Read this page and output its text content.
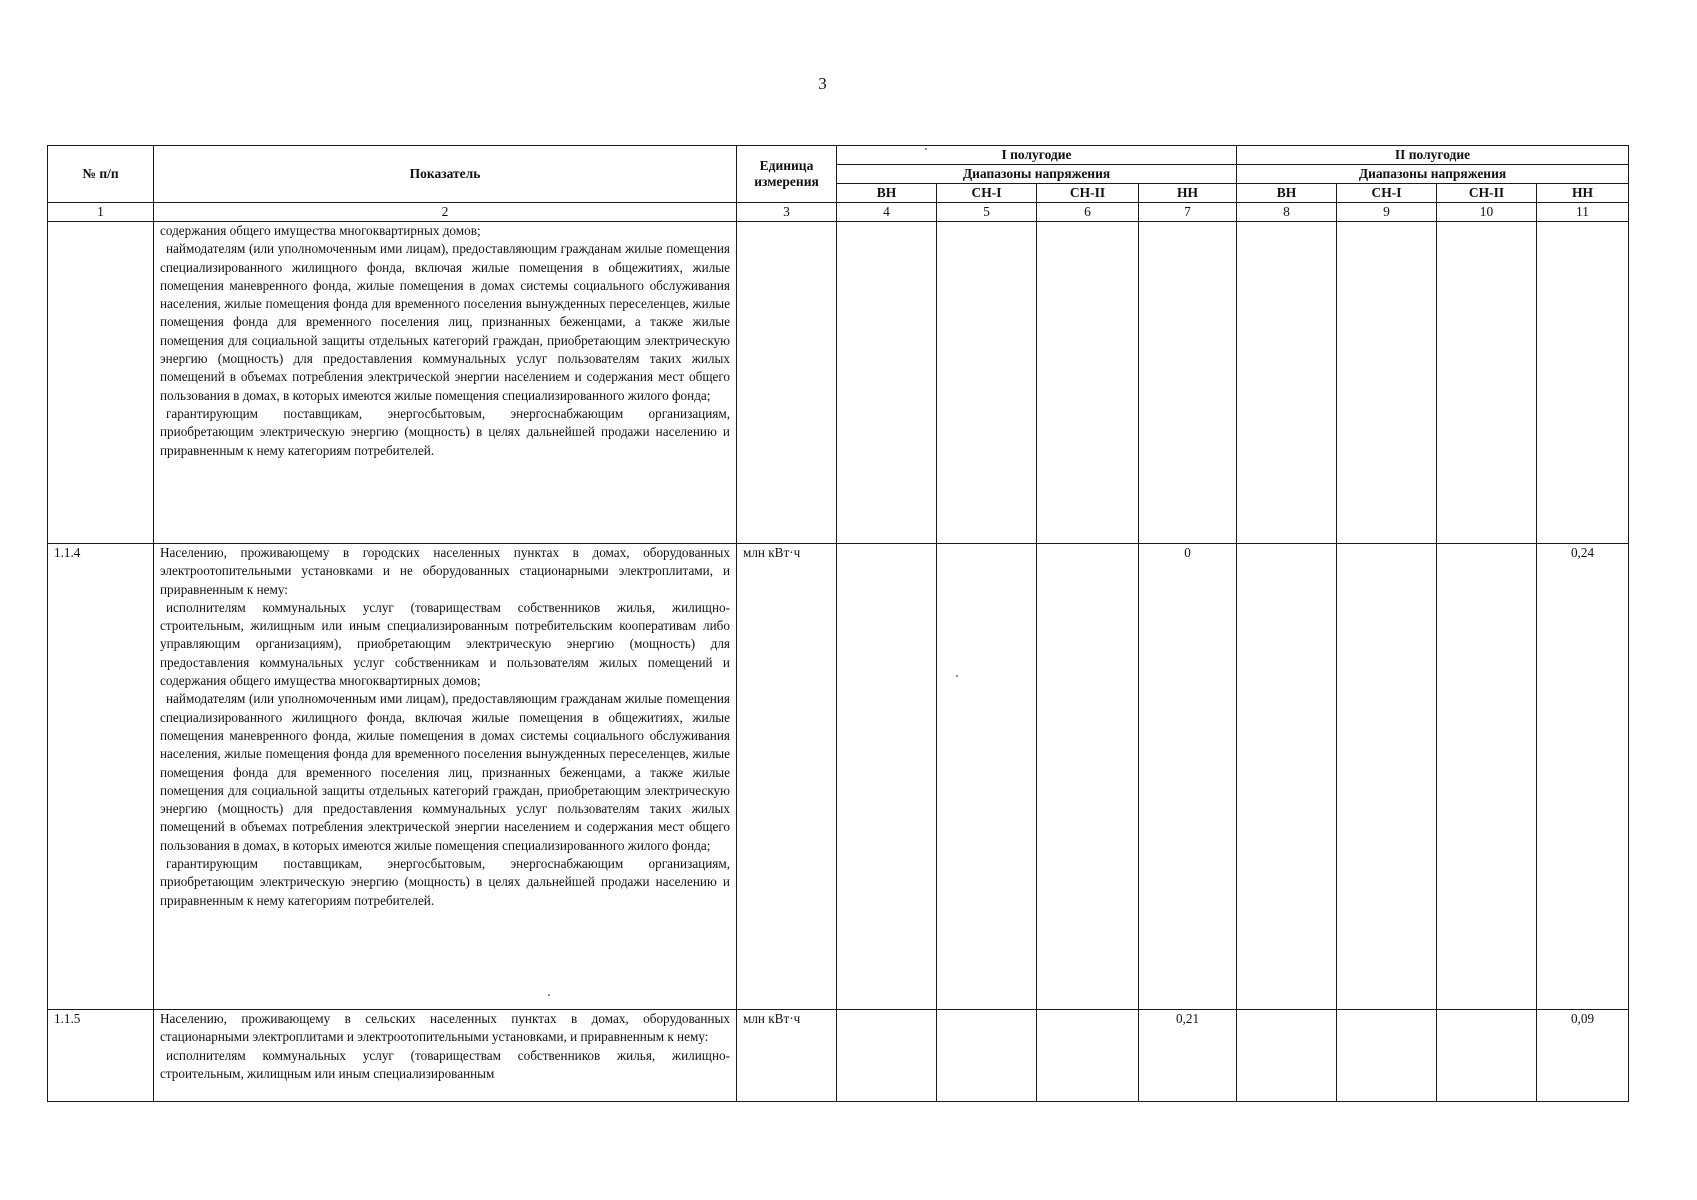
3
№ п/п	Показатель	Единица измерения	I полугодие				II полугодие			
			Диапазоны напряжения				Диапазоны напряжения			
			ВН	СН-I	СН-II	НН	ВН	СН-I	СН-II	НН
1	2	3	4	5	6	7	8	9	10	11

	содержания общего имущества многоквартирных домов;

наймодателям (или уполномоченным ими лицам), предоставляющим гражданам жилые помещения специализированного жилищного фонда, включая жилые помещения в общежитиях, жилые помещения маневренного фонда, жилые помещения в домах системы социального обслуживания населения, жилые помещения фонда для временного поселения вынужденных переселенцев, жилые помещения фонда для временного поселения лиц, признанных беженцами, а также жилые помещения для социальной защиты отдельных категорий граждан, приобретающим электрическую энергию (мощность) для предоставления коммунальных услуг пользователям таких жилых помещений в объемах потребления электрической энергии населением и содержания мест общего пользования в домах, в которых имеются жилые помещения специализированного жилого фонда;

гарантирующим поставщикам, энергосбытовым, энергоснабжающим организациям, приобретающим электрическую энергию (мощность) в целях дальнейшей продажи населению и приравненным к нему категориям потребителей.									

1.1.4	Населению, проживающему в городских населенных пунктах в домах, оборудованных электроотопительными установками и не оборудованных стационарными электроплитами, и приравненным к нему:

исполнителям коммунальных услуг (товариществам собственников жилья, жилищно-строительным, жилищным или иным специализированным потребительским кооперативам либо управляющим организациям), приобретающим электрическую энергию (мощность) для предоставления коммунальных услуг собственникам и пользователям жилых помещений и содержания общего имущества многоквартирных домов;

наймодателям (или уполномоченным ими лицам), предоставляющим гражданам жилые помещения специализированного жилищного фонда, включая жилые помещения в общежитиях, жилые помещения маневренного фонда, жилые помещения в домах системы социального обслуживания населения, жилые помещения фонда для временного поселения вынужденных переселенцев, жилые помещения фонда для временного поселения лиц, признанных беженцами, а также жилые помещения для социальной защиты отдельных категорий граждан, приобретающим электрическую энергию (мощность) для предоставления коммунальных услуг пользователям таких жилых помещений в объемах потребления электрической энергии населением и содержания мест общего пользования в домах, в которых имеются жилые помещения специализированного жилого фонда;

гарантирующим поставщикам, энергосбытовым, энергоснабжающим организациям, приобретающим электрическую энергию (мощность) в целях дальнейшей продажи населению и приравненным к нему категориям потребителей.	млн кВт·ч				0				0,24
1.1.5	Населению, проживающему в сельских населенных пунктах в домах, оборудованных стационарными электроплитами и электроотопительными установками, и приравненным к нему:

исполнителям коммунальных услуг (товариществам собственников жилья, жилищно-строительным, жилищным или иным специализированным	млн кВт·ч				0,21				0,09
